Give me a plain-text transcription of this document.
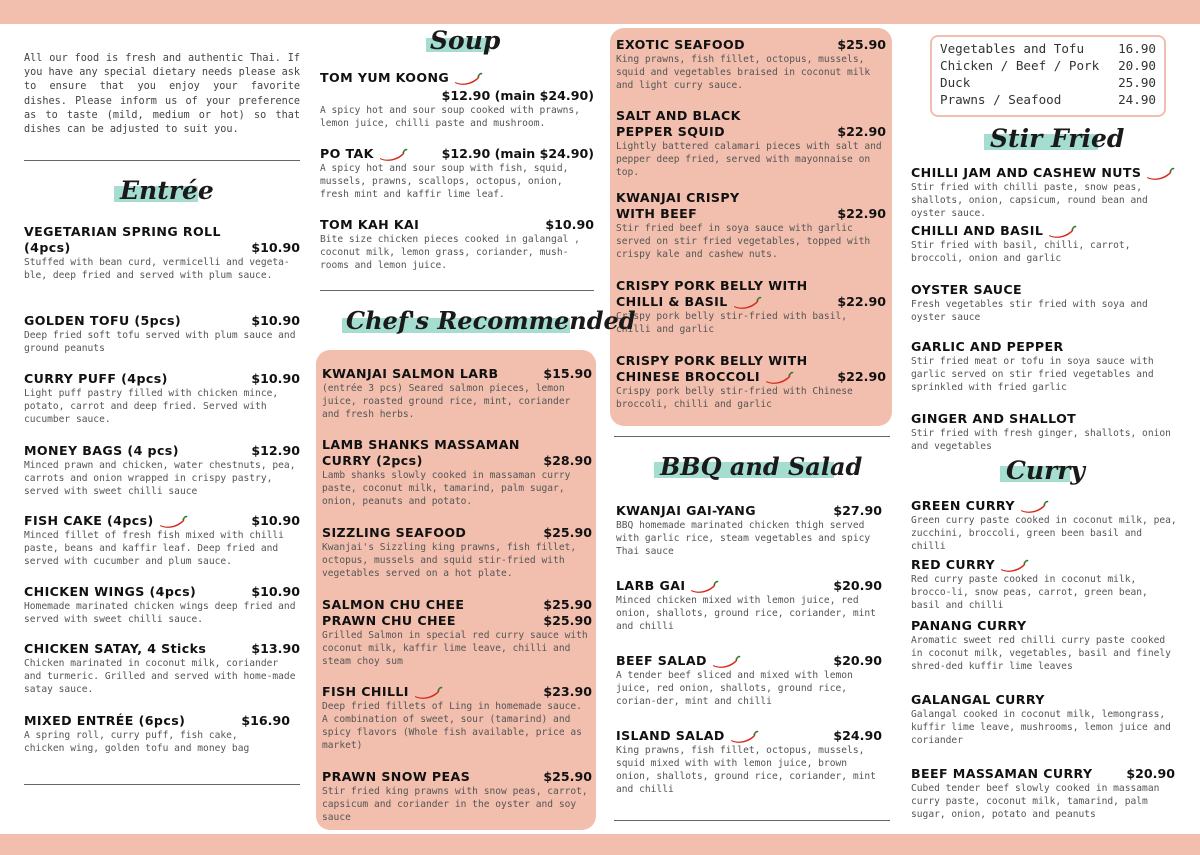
All our food is fresh and authentic Thai. If you have any special dietary needs please ask to ensure that you enjoy your favorite dishes. Please inform us of your preference as to taste (mild, medium or hot) so that dishes can be adjusted to suit you.
Entrée
VEGETARIAN SPRING ROLL (4pcs)	$10.90
Stuffed with bean curd, vermicelli and vegeta-ble, deep fried and served with plum sauce.
GOLDEN TOFU (5pcs)	$10.90
Deep fried soft tofu served with plum sauce and ground peanuts
CURRY PUFF (4pcs)	$10.90
Light puff pastry filled with chicken mince, potato, carrot and deep fried. Served with cucumber sauce.
MONEY BAGS (4 pcs)	$12.90
Minced prawn and chicken, water chestnuts, pea, carrots and onion wrapped in crispy pastry, served with sweet chilli sauce
FISH CAKE (4pcs)	$10.90
Minced fillet of fresh fish mixed with chilli paste, beans and kaffir leaf. Deep fried and served with cucumber and plum sauce.
CHICKEN WINGS (4pcs)	$10.90
Homemade marinated chicken wings deep fried and served with sweet chilli sauce.
CHICKEN SATAY, 4 Sticks	$13.90
Chicken marinated in coconut milk, coriander and turmeric. Grilled and served with home-made satay sauce.
MIXED ENTRÉE (6pcs)	$16.90
A spring roll, curry puff, fish cake, chicken wing, golden tofu and money bag
Soup
TOM YUM KOONG
$12.90 (main $24.90)
A spicy hot and sour soup cooked with prawns, lemon juice, chilli paste and mushroom.
PO TAK	$12.90 (main $24.90)
A spicy hot and sour soup with fish, squid, mussels, prawns, scallops, octopus, onion, fresh mint and kaffir lime leaf.
TOM KAH KAI	$10.90
Bite size chicken pieces cooked in galangal , coconut milk, lemon grass, coriander, mush-rooms and lemon juice.
Chef's Recommended
KWANJAI SALMON LARB	$15.90
(entrée 3 pcs) Seared salmon pieces, lemon juice, roasted ground rice, mint, coriander and fresh herbs.
LAMB SHANKS MASSAMAN CURRY (2pcs)	$28.90
Lamb shanks slowly cooked in massaman curry paste, coconut milk, tamarind, palm sugar, onion, peanuts and potato.
SIZZLING SEAFOOD	$25.90
Kwanjai's Sizzling king prawns, fish fillet, octopus, mussels and squid stir-fried with vegetables served on a hot plate.
SALMON CHU CHEE	$25.90
PRAWN CHU CHEE	$25.90
Grilled Salmon in special red curry sauce with coconut milk, kaffir lime leave, chilli and steam choy sum
FISH CHILLI	$23.90
Deep fried fillets of Ling in homemade sauce. A combination of sweet, sour (tamarind) and spicy flavors (Whole fish available, price as market)
PRAWN SNOW PEAS	$25.90
Stir fried king prawns with snow peas, carrot, capsicum and coriander in the oyster and soy sauce
EXOTIC SEAFOOD	$25.90
King prawns, fish fillet, octopus, mussels, squid and vegetables braised in coconut milk and light curry sauce.
SALT AND BLACK PEPPER SQUID	$22.90
Lightly battered calamari pieces with salt and pepper deep fried, served with mayonnaise on top.
KWANJAI CRISPY WITH BEEF	$22.90
Stir fried beef in soya sauce with garlic served on stir fried vegetables, topped with crispy kale and cashew nuts.
CRISPY PORK BELLY WITH CHILLI & BASIL	$22.90
Crispy pork belly stir-fried with basil, chilli and garlic
CRISPY PORK BELLY WITH CHINESE BROCCOLI	$22.90
Crispy pork belly stir-fried with Chinese broccoli, chilli and garlic
BBQ and Salad
KWANJAI GAI-YANG	$27.90
BBQ homemade marinated chicken thigh served with garlic rice, steam vegetables and spicy Thai sauce
LARB GAI	$20.90
Minced chicken mixed with lemon juice, red onion, shallots, ground rice, coriander, mint and chilli
BEEF SALAD	$20.90
A tender beef sliced and mixed with lemon juice, red onion, shallots, ground rice, corian-der, mint and chilli
ISLAND SALAD	$24.90
King prawns, fish fillet, octopus, mussels, squid mixed with with lemon juice, brown onion, shallots, ground rice, coriander, mint and chilli
Vegetables and Tofu	16.90
Chicken / Beef / Pork 20.90
Duck	25.90
Prawns / Seafood	24.90
Stir Fried
CHILLI JAM AND CASHEW NUTS
Stir fried with chilli paste, snow peas, shallots, onion, capsicum, round bean and oyster sauce.
CHILLI AND BASIL
Stir fried with basil, chilli, carrot, broccoli, onion and garlic
OYSTER SAUCE
Fresh vegetables stir fried with soya and oyster sauce
GARLIC AND PEPPER
Stir fried meat or tofu in soya sauce with garlic served on stir fried vegetables and sprinkled with fried garlic
GINGER AND SHALLOT
Stir fried with fresh ginger, shallots, onion and vegetables
Curry
GREEN CURRY
Green curry paste cooked in coconut milk, pea, zucchini, broccoli, green been basil and chilli
RED CURRY
Red curry paste cooked in coconut milk, brocco-li, snow peas, carrot, green bean, basil and chilli
PANANG CURRY
Aromatic sweet red chilli curry paste cooked in coconut milk, vegetables, basil and finely shred-ded kuffir lime leaves
GALANGAL CURRY
Galangal cooked in coconut milk, lemongrass, kuffir lime leave, mushrooms, lemon juice and coriander
BEEF MASSAMAN CURRY	$20.90
Cubed tender beef slowly cooked in massaman curry paste, coconut milk, tamarind, palm sugar, onion, potato and peanuts
